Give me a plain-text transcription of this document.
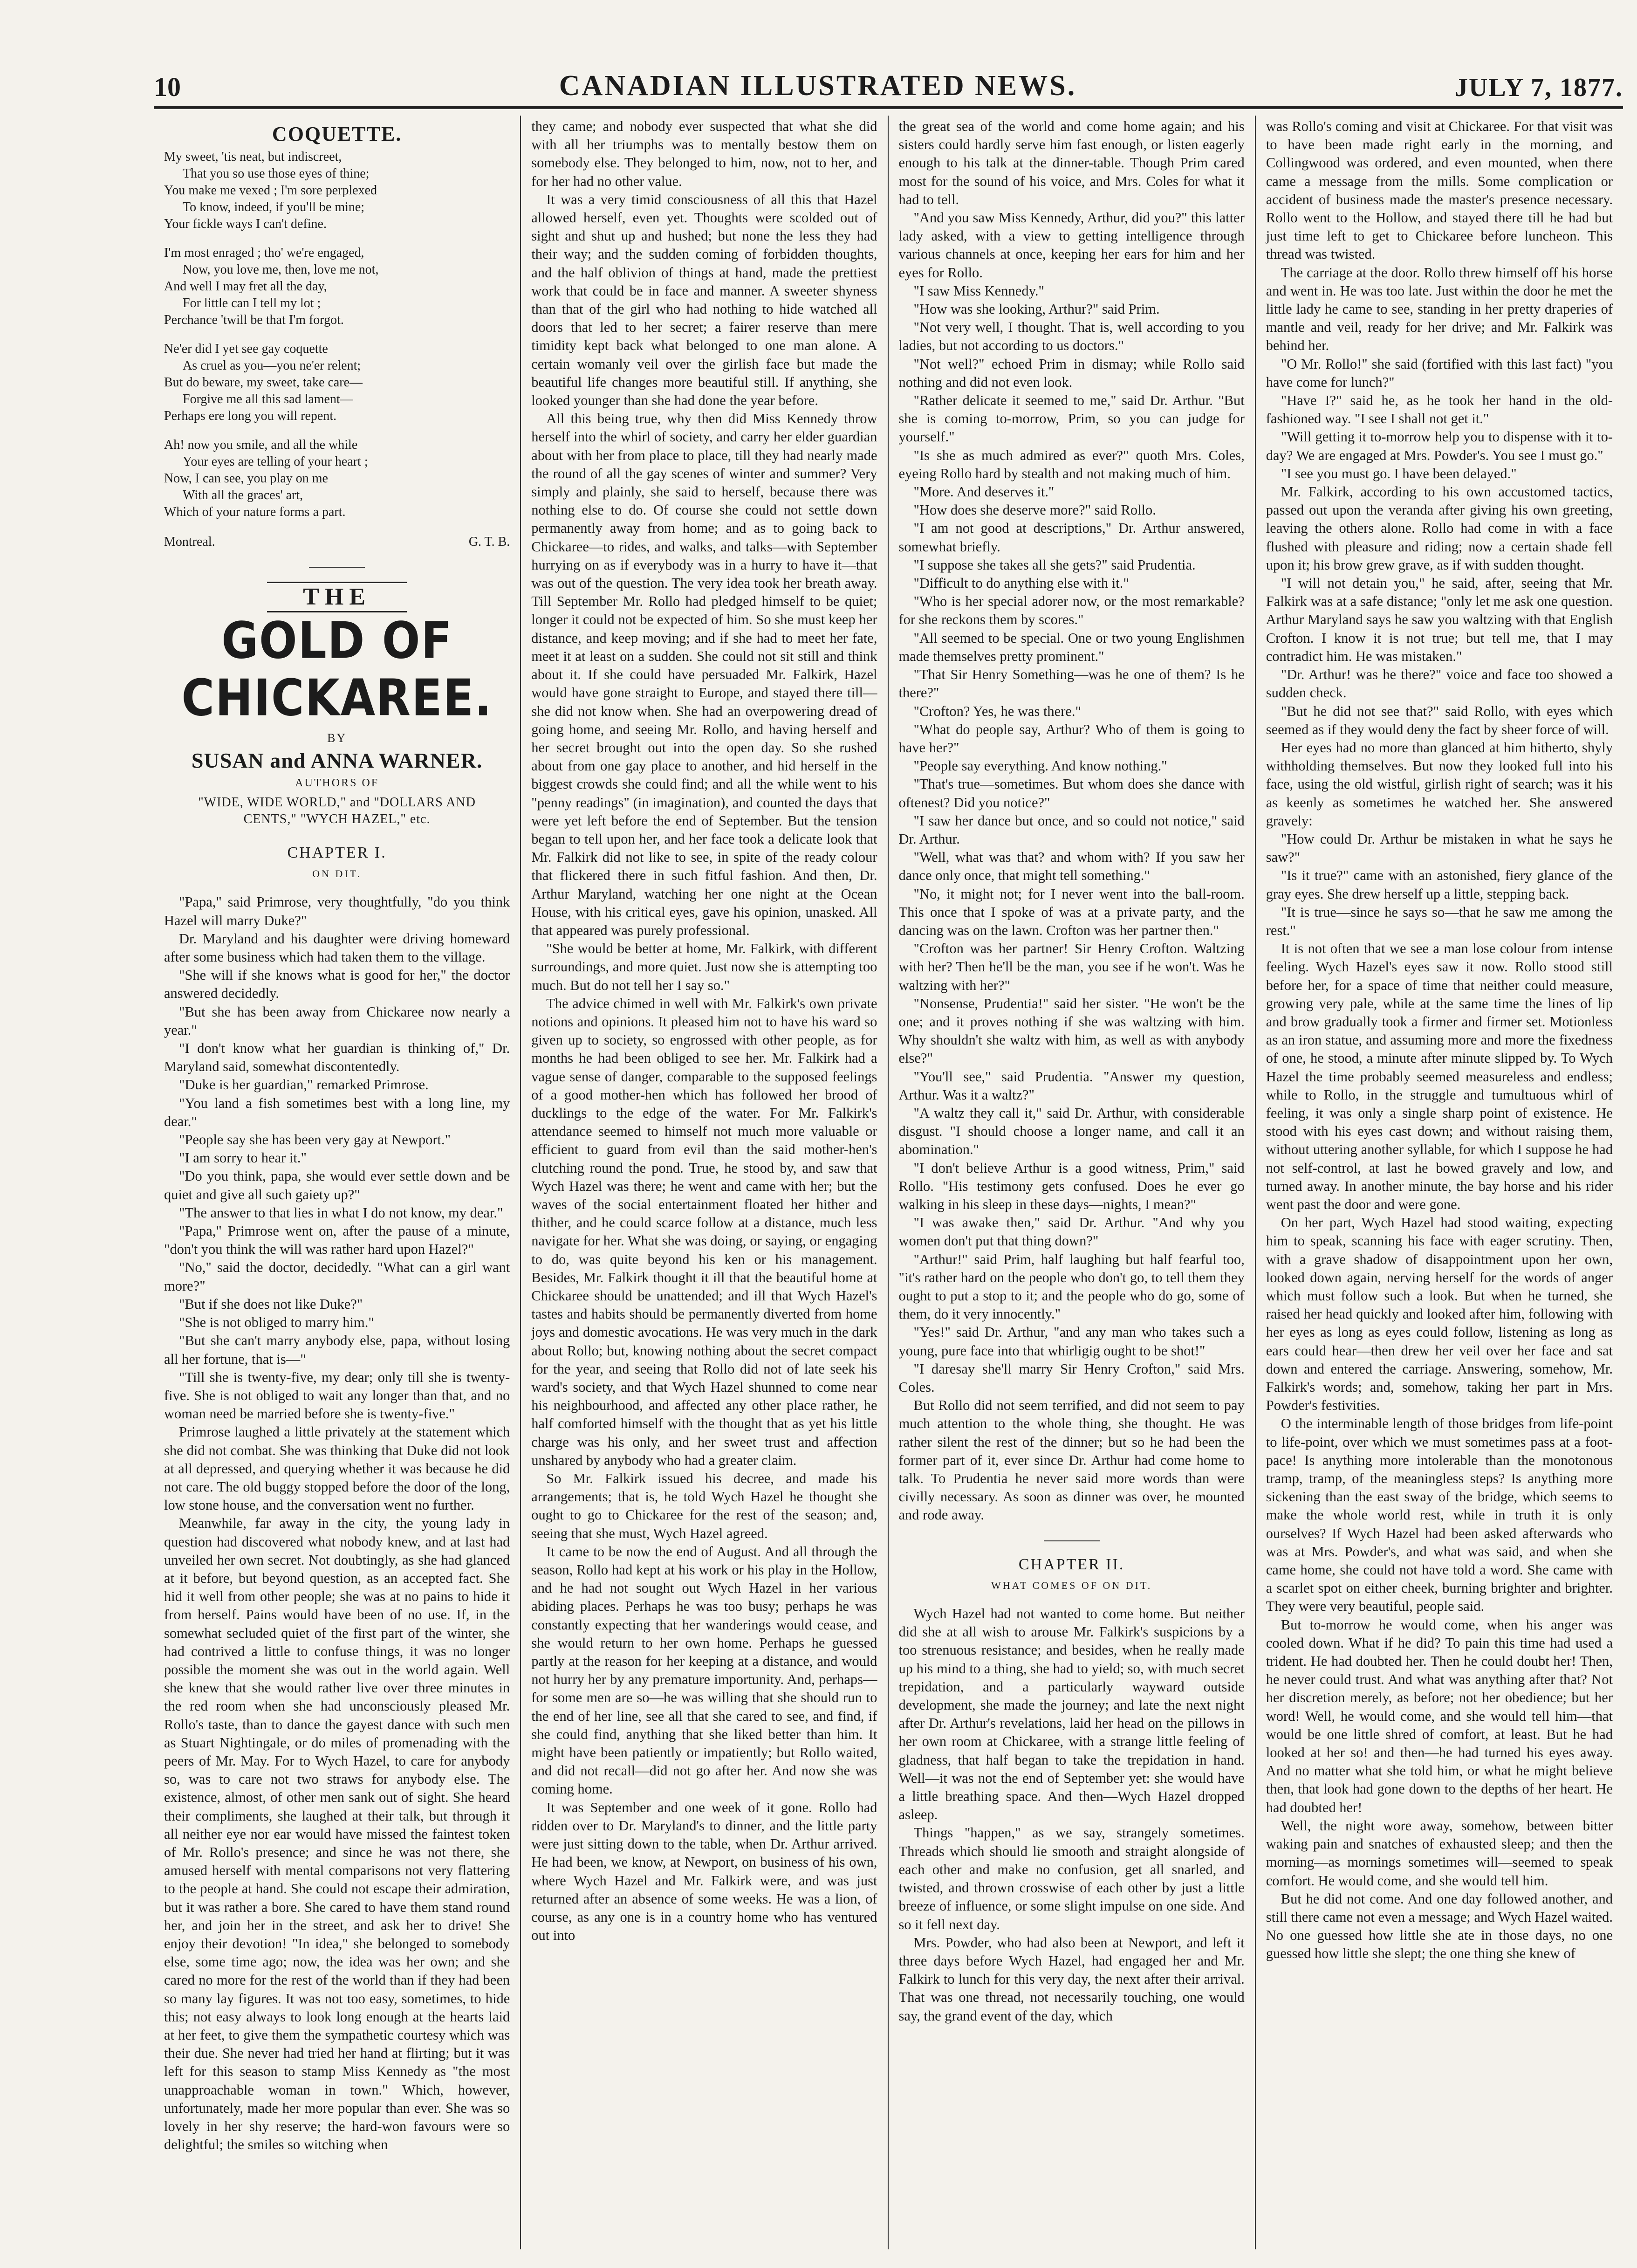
10	CANADIAN ILLUSTRATED NEWS.	JULY 7, 1877.
COQUETTE.
My sweet, 'tis neat, but indiscreet,
That you so use those eyes of thine;
You make me vexed ; I'm sore perplexed
To know, indeed, if you'll be mine;
Your fickle ways I can't define.
I'm most enraged ; tho' we're engaged,
Now, you love me, then, love me not,
And well I may fret all the day,
For little can I tell my lot ;
Perchance 'twill be that I'm forgot.
Ne'er did I yet see gay coquette
As cruel as you—you ne'er relent;
But do beware, my sweet, take care—
Forgive me all this sad lament—
Perhaps ere long you will repent.
Ah! now you smile, and all the while
Your eyes are telling of your heart ;
Now, I can see, you play on me
With all the graces' art,
Which of your nature forms a part.
Montreal.	G. T. B.
THE
GOLD OF CHICKAREE.
BY
SUSAN and ANNA WARNER.
AUTHORS OF
"WIDE, WIDE WORLD," and "DOLLARS AND CENTS," "WYCH HAZEL," etc.
CHAPTER I.
ON DIT.

"Papa," said Primrose, very thoughtfully, "do you think Hazel will marry Duke?"

Dr. Maryland and his daughter were driving homeward after some business which had taken them to the village.

"She will if she knows what is good for her," the doctor answered decidedly.

"But she has been away from Chickaree now nearly a year."

"I don't know what her guardian is thinking of," Dr. Maryland said, somewhat discontentedly.

"Duke is her guardian," remarked Primrose.

"You land a fish sometimes best with a long line, my dear."

"People say she has been very gay at Newport."

"I am sorry to hear it."

"Do you think, papa, she would ever settle down and be quiet and give all such gaiety up?"

"The answer to that lies in what I do not know, my dear."

"Papa," Primrose went on, after the pause of a minute, "don't you think the will was rather hard upon Hazel?"

"No," said the doctor, decidedly. "What can a girl want more?"

"But if she does not like Duke?"

"She is not obliged to marry him."

"But she can't marry anybody else, papa, without losing all her fortune, that is—"

"Till she is twenty-five, my dear; only till she is twenty-five. She is not obliged to wait any longer than that, and no woman need be married before she is twenty-five."

Primrose laughed a little privately at the statement which she did not combat. She was thinking that Duke did not look at all depressed, and querying whether it was because he did not care. The old buggy stopped before the door of the long, low stone house, and the conversation went no further.

Meanwhile, far away in the city, the young lady in question had discovered what nobody knew, and at last had unveiled her own secret. Not doubtingly, as she had glanced at it before, but beyond question, as an accepted fact. She hid it well from other people; she was at no pains to hide it from herself. Pains would have been of no use. If, in the somewhat secluded quiet of the first part of the winter, she had contrived a little to confuse things, it was no longer possible the moment she was out in the world again. Well she knew that she would rather live over three minutes in the red room when she had unconsciously pleased Mr. Rollo's taste, than to dance the gayest dance with such men as Stuart Nightingale, or do miles of promenading with the peers of Mr. May. For to Wych Hazel, to care for anybody so, was to care not two straws for anybody else. The existence, almost, of other men sank out of sight. She heard their compliments, she laughed at their talk, but through it all neither eye nor ear would have missed the faintest token of Mr. Rollo's presence; and since he was not there, she amused herself with mental comparisons not very flattering to the people at hand. She could not escape their admiration, but it was rather a bore. She cared to have them stand round her, and join her in the street, and ask her to drive! She enjoy their devotion! "In idea," she belonged to somebody else, some time ago; now, the idea was her own; and she cared no more for the rest of the world than if they had been so many lay figures. It was not too easy, sometimes, to hide this; not easy always to look long enough at the hearts laid at her feet, to give them the sympathetic courtesy which was their due. She never had tried her hand at flirting; but it was left for this season to stamp Miss Kennedy as "the most unapproachable woman in town." Which, however, unfortunately, made her more popular than ever. She was so lovely in her shy reserve; the hard-won favours were so delightful; the smiles so witching when

they came; and nobody ever suspected that what she did with all her triumphs was to mentally bestow them on somebody else. They belonged to him, now, not to her, and for her had no other value.

It was a very timid consciousness of all this that Hazel allowed herself, even yet. Thoughts were scolded out of sight and shut up and hushed; but none the less they had their way; and the sudden coming of forbidden thoughts, and the half oblivion of things at hand, made the prettiest work that could be in face and manner. A sweeter shyness than that of the girl who had nothing to hide watched all doors that led to her secret; a fairer reserve than mere timidity kept back what belonged to one man alone. A certain womanly veil over the girlish face but made the beautiful life changes more beautiful still. If anything, she looked younger than she had done the year before.

All this being true, why then did Miss Kennedy throw herself into the whirl of society, and carry her elder guardian about with her from place to place, till they had nearly made the round of all the gay scenes of winter and summer? Very simply and plainly, she said to herself, because there was nothing else to do. Of course she could not settle down permanently away from home; and as to going back to Chickaree—to rides, and walks, and talks—with September hurrying on as if everybody was in a hurry to have it—that was out of the question. The very idea took her breath away. Till September Mr. Rollo had pledged himself to be quiet; longer it could not be expected of him. So she must keep her distance, and keep moving; and if she had to meet her fate, meet it at least on a sudden. She could not sit still and think about it. If she could have persuaded Mr. Falkirk, Hazel would have gone straight to Europe, and stayed there till—she did not know when. She had an overpowering dread of going home, and seeing Mr. Rollo, and having herself and her secret brought out into the open day. So she rushed about from one gay place to another, and hid herself in the biggest crowds she could find; and all the while went to his "penny readings" (in imagination), and counted the days that were yet left before the end of September. But the tension began to tell upon her, and her face took a delicate look that Mr. Falkirk did not like to see, in spite of the ready colour that flickered there in such fitful fashion. And then, Dr. Arthur Maryland, watching her one night at the Ocean House, with his critical eyes, gave his opinion, unasked. All that appeared was purely professional.

"She would be better at home, Mr. Falkirk, with different surroundings, and more quiet. Just now she is attempting too much. But do not tell her I say so."

The advice chimed in well with Mr. Falkirk's own private notions and opinions. It pleased him not to have his ward so given up to society, so engrossed with other people, as for months he had been obliged to see her. Mr. Falkirk had a vague sense of danger, comparable to the supposed feelings of a good mother-hen which has followed her brood of ducklings to the edge of the water. For Mr. Falkirk's attendance seemed to himself not much more valuable or efficient to guard from evil than the said mother-hen's clutching round the pond. True, he stood by, and saw that Wych Hazel was there; he went and came with her; but the waves of the social entertainment floated her hither and thither, and he could scarce follow at a distance, much less navigate for her. What she was doing, or saying, or engaging to do, was quite beyond his ken or his management. Besides, Mr. Falkirk thought it ill that the beautiful home at Chickaree should be unattended; and ill that Wych Hazel's tastes and habits should be permanently diverted from home joys and domestic avocations. He was very much in the dark about Rollo; but, knowing nothing about the secret compact for the year, and seeing that Rollo did not of late seek his ward's society, and that Wych Hazel shunned to come near his neighbourhood, and affected any other place rather, he half comforted himself with the thought that as yet his little charge was his only, and her sweet trust and affection unshared by anybody who had a greater claim.

So Mr. Falkirk issued his decree, and made his arrangements; that is, he told Wych Hazel he thought she ought to go to Chickaree for the rest of the season; and, seeing that she must, Wych Hazel agreed.

It came to be now the end of August. And all through the season, Rollo had kept at his work or his play in the Hollow, and he had not sought out Wych Hazel in her various abiding places. Perhaps he was too busy; perhaps he was constantly expecting that her wanderings would cease, and she would return to her own home. Perhaps he guessed partly at the reason for her keeping at a distance, and would not hurry her by any premature importunity. And, perhaps—for some men are so—he was willing that she should run to the end of her line, see all that she cared to see, and find, if she could find, anything that she liked better than him. It might have been patiently or impatiently; but Rollo waited, and did not recall—did not go after her. And now she was coming home.

It was September and one week of it gone. Rollo had ridden over to Dr. Maryland's to dinner, and the little party were just sitting down to the table, when Dr. Arthur arrived. He had been, we know, at Newport, on business of his own, where Wych Hazel and Mr. Falkirk were, and was just returned after an absence of some weeks. He was a lion, of course, as any one is in a country home who has ventured out into

the great sea of the world and come home again; and his sisters could hardly serve him fast enough, or listen eagerly enough to his talk at the dinner-table. Though Prim cared most for the sound of his voice, and Mrs. Coles for what it had to tell.

"And you saw Miss Kennedy, Arthur, did you?" this latter lady asked, with a view to getting intelligence through various channels at once, keeping her ears for him and her eyes for Rollo.

"I saw Miss Kennedy."

"How was she looking, Arthur?" said Prim.

"Not very well, I thought. That is, well according to you ladies, but not according to us doctors."

"Not well?" echoed Prim in dismay; while Rollo said nothing and did not even look.

"Rather delicate it seemed to me," said Dr. Arthur. "But she is coming to-morrow, Prim, so you can judge for yourself."

"Is she as much admired as ever?" quoth Mrs. Coles, eyeing Rollo hard by stealth and not making much of him.

"More. And deserves it."

"How does she deserve more?" said Rollo.

"I am not good at descriptions," Dr. Arthur answered, somewhat briefly.

"I suppose she takes all she gets?" said Prudentia.

"Difficult to do anything else with it."

"Who is her special adorer now, or the most remarkable? for she reckons them by scores."

"All seemed to be special. One or two young Englishmen made themselves pretty prominent."

"That Sir Henry Something—was he one of them? Is he there?"

"Crofton? Yes, he was there."

"What do people say, Arthur? Who of them is going to have her?"

"People say everything. And know nothing."

"That's true—sometimes. But whom does she dance with oftenest? Did you notice?"

"I saw her dance but once, and so could not notice," said Dr. Arthur.

"Well, what was that? and whom with? If you saw her dance only once, that might tell something."

"No, it might not; for I never went into the ball-room. This once that I spoke of was at a private party, and the dancing was on the lawn. Crofton was her partner then."

"Crofton was her partner! Sir Henry Crofton. Waltzing with her? Then he'll be the man, you see if he won't. Was he waltzing with her?"

"Nonsense, Prudentia!" said her sister. "He won't be the one; and it proves nothing if she was waltzing with him. Why shouldn't she waltz with him, as well as with anybody else?"

"You'll see," said Prudentia. "Answer my question, Arthur. Was it a waltz?"

"A waltz they call it," said Dr. Arthur, with considerable disgust. "I should choose a longer name, and call it an abomination."

"I don't believe Arthur is a good witness, Prim," said Rollo. "His testimony gets confused. Does he ever go walking in his sleep in these days—nights, I mean?"

"I was awake then," said Dr. Arthur. "And why you women don't put that thing down?"

"Arthur!" said Prim, half laughing but half fearful too, "it's rather hard on the people who don't go, to tell them they ought to put a stop to it; and the people who do go, some of them, do it very innocently."

"Yes!" said Dr. Arthur, "and any man who takes such a young, pure face into that whirligig ought to be shot!"

"I daresay she'll marry Sir Henry Crofton," said Mrs. Coles.

But Rollo did not seem terrified, and did not seem to pay much attention to the whole thing, she thought. He was rather silent the rest of the dinner; but so he had been the former part of it, ever since Dr. Arthur had come home to talk. To Prudentia he never said more words than were civilly necessary. As soon as dinner was over, he mounted and rode away.

CHAPTER II.
WHAT COMES OF ON DIT.

Wych Hazel had not wanted to come home. But neither did she at all wish to arouse Mr. Falkirk's suspicions by a too strenuous resistance; and besides, when he really made up his mind to a thing, she had to yield; so, with much secret trepidation, and a particularly wayward outside development, she made the journey; and late the next night after Dr. Arthur's revelations, laid her head on the pillows in her own room at Chickaree, with a strange little feeling of gladness, that half began to take the trepidation in hand. Well—it was not the end of September yet: she would have a little breathing space. And then—Wych Hazel dropped asleep.

Things "happen," as we say, strangely sometimes. Threads which should lie smooth and straight alongside of each other and make no confusion, get all snarled, and twisted, and thrown crosswise of each other by just a little breeze of influence, or some slight impulse on one side. And so it fell next day.

Mrs. Powder, who had also been at Newport, and left it three days before Wych Hazel, had engaged her and Mr. Falkirk to lunch for this very day, the next after their arrival. That was one thread, not necessarily touching, one would say, the grand event of the day, which

was Rollo's coming and visit at Chickaree. For that visit was to have been made right early in the morning, and Collingwood was ordered, and even mounted, when there came a message from the mills. Some complication or accident of business made the master's presence necessary. Rollo went to the Hollow, and stayed there till he had but just time left to get to Chickaree before luncheon. This thread was twisted.

The carriage at the door. Rollo threw himself off his horse and went in. He was too late. Just within the door he met the little lady he came to see, standing in her pretty draperies of mantle and veil, ready for her drive; and Mr. Falkirk was behind her.

"O Mr. Rollo!" she said (fortified with this last fact) "you have come for lunch?"

"Have I?" said he, as he took her hand in the old-fashioned way. "I see I shall not get it."

"Will getting it to-morrow help you to dispense with it to-day? We are engaged at Mrs. Powder's. You see I must go."

"I see you must go. I have been delayed."

Mr. Falkirk, according to his own accustomed tactics, passed out upon the veranda after giving his own greeting, leaving the others alone. Rollo had come in with a face flushed with pleasure and riding; now a certain shade fell upon it; his brow grew grave, as if with sudden thought.

"I will not detain you," he said, after, seeing that Mr. Falkirk was at a safe distance; "only let me ask one question. Arthur Maryland says he saw you waltzing with that English Crofton. I know it is not true; but tell me, that I may contradict him. He was mistaken."

"Dr. Arthur! was he there?" voice and face too showed a sudden check.

"But he did not see that?" said Rollo, with eyes which seemed as if they would deny the fact by sheer force of will.

Her eyes had no more than glanced at him hitherto, shyly withholding themselves. But now they looked full into his face, using the old wistful, girlish right of search; was it his as keenly as sometimes he watched her. She answered gravely:

"How could Dr. Arthur be mistaken in what he says he saw?"

"Is it true?" came with an astonished, fiery glance of the gray eyes. She drew herself up a little, stepping back.

"It is true—since he says so—that he saw me among the rest."

It is not often that we see a man lose colour from intense feeling. Wych Hazel's eyes saw it now. Rollo stood still before her, for a space of time that neither could measure, growing very pale, while at the same time the lines of lip and brow gradually took a firmer and firmer set. Motionless as an iron statue, and assuming more and more the fixedness of one, he stood, a minute after minute slipped by. To Wych Hazel the time probably seemed measureless and endless; while to Rollo, in the struggle and tumultuous whirl of feeling, it was only a single sharp point of existence. He stood with his eyes cast down; and without raising them, without uttering another syllable, for which I suppose he had not self-control, at last he bowed gravely and low, and turned away. In another minute, the bay horse and his rider went past the door and were gone.

On her part, Wych Hazel had stood waiting, expecting him to speak, scanning his face with eager scrutiny. Then, with a grave shadow of disappointment upon her own, looked down again, nerving herself for the words of anger which must follow such a look. But when he turned, she raised her head quickly and looked after him, following with her eyes as long as eyes could follow, listening as long as ears could hear—then drew her veil over her face and sat down and entered the carriage. Answering, somehow, Mr. Falkirk's words; and, somehow, taking her part in Mrs. Powder's festivities.

O the interminable length of those bridges from life-point to life-point, over which we must sometimes pass at a foot-pace! Is anything more intolerable than the monotonous tramp, tramp, of the meaningless steps? Is anything more sickening than the east sway of the bridge, which seems to make the whole world rest, while in truth it is only ourselves? If Wych Hazel had been asked afterwards who was at Mrs. Powder's, and what was said, and when she came home, she could not have told a word. She came with a scarlet spot on either cheek, burning brighter and brighter. They were very beautiful, people said.

But to-morrow he would come, when his anger was cooled down. What if he did? To pain this time had used a trident. He had doubted her. Then he could doubt her! Then, he never could trust. And what was anything after that? Not her discretion merely, as before; not her obedience; but her word! Well, he would come, and she would tell him—that would be one little shred of comfort, at least. But he had looked at her so! and then—he had turned his eyes away. And no matter what she told him, or what he might believe then, that look had gone down to the depths of her heart. He had doubted her!

Well, the night wore away, somehow, between bitter waking pain and snatches of exhausted sleep; and then the morning—as mornings sometimes will—seemed to speak comfort. He would come, and she would tell him.

But he did not come. And one day followed another, and still there came not even a message; and Wych Hazel waited. No one guessed how little she ate in those days, no one guessed how little she slept; the one thing she knew of
